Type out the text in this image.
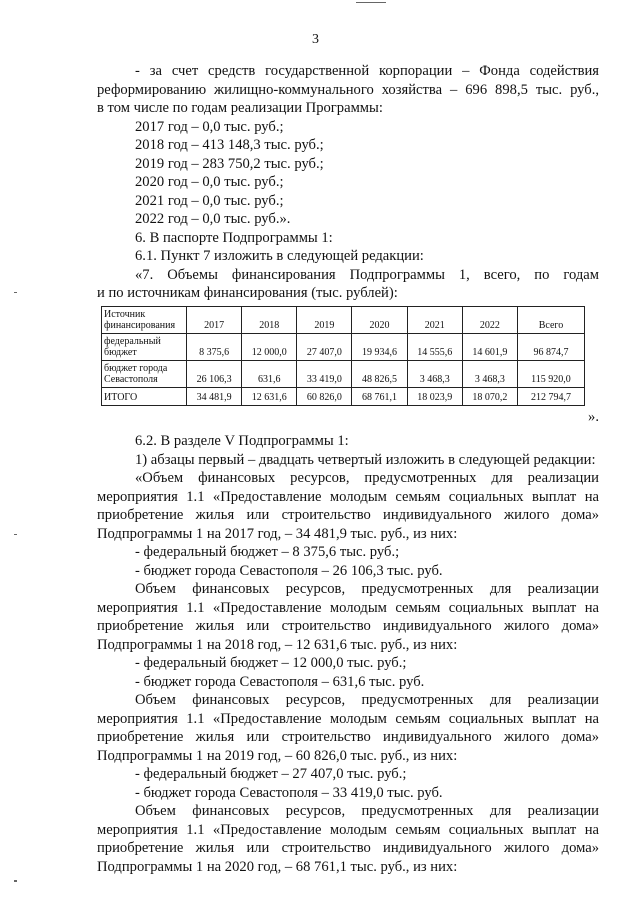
3

- за счет средств государственной корпорации – Фонда содействия

реформированию жилищно-коммунального хозяйства – 696 898,5 тыс. руб.,

в том числе по годам реализации Программы:

2017 год – 0,0 тыс. руб.;

2018 год – 413 148,3 тыс. руб.;

2019 год – 283 750,2 тыс. руб.;

2020 год – 0,0 тыс. руб.;

2021 год – 0,0 тыс. руб.;

2022 год – 0,0 тыс. руб.».

6. В паспорте Подпрограммы 1:

6.1. Пункт 7 изложить в следующей редакции:

«7. Объемы финансирования Подпрограммы 1, всего, по годам

и по источникам финансирования (тыс. рублей):

Источник финансирования	2017	2018	2019	2020	2021	2022	Всего
федеральный бюджет	8 375,6	12 000,0	27 407,0	19 934,6	14 555,6	14 601,9	96 874,7
бюджет города Севастополя	26 106,3	631,6	33 419,0	48 826,5	3 468,3	3 468,3	115 920,0
ИТОГО	34 481,9	12 631,6	60 826,0	68 761,1	18 023,9	18 070,2	212 794,7

».

6.2. В разделе V Подпрограммы 1:

1) абзацы первый – двадцать четвертый изложить в следующей редакции:

«Объем финансовых ресурсов, предусмотренных для реализации мероприятия 1.1 «Предоставление молодым семьям социальных выплат на приобретение жилья или строительство индивидуального жилого дома» Подпрограммы 1 на 2017 год, – 34 481,9 тыс. руб., из них:

- федеральный бюджет – 8 375,6 тыс. руб.;

- бюджет города Севастополя – 26 106,3 тыс. руб.

Объем финансовых ресурсов, предусмотренных для реализации мероприятия 1.1 «Предоставление молодым семьям социальных выплат на приобретение жилья или строительство индивидуального жилого дома» Подпрограммы 1 на 2018 год, – 12 631,6 тыс. руб., из них:

- федеральный бюджет – 12 000,0 тыс. руб.;

- бюджет города Севастополя – 631,6 тыс. руб.

Объем финансовых ресурсов, предусмотренных для реализации мероприятия 1.1 «Предоставление молодым семьям социальных выплат на приобретение жилья или строительство индивидуального жилого дома» Подпрограммы 1 на 2019 год, – 60 826,0 тыс. руб., из них:

- федеральный бюджет – 27 407,0 тыс. руб.;

- бюджет города Севастополя – 33 419,0 тыс. руб.

Объем финансовых ресурсов, предусмотренных для реализации мероприятия 1.1 «Предоставление молодым семьям социальных выплат на приобретение жилья или строительство индивидуального жилого дома» Подпрограммы 1 на 2020 год, – 68 761,1 тыс. руб., из них:
